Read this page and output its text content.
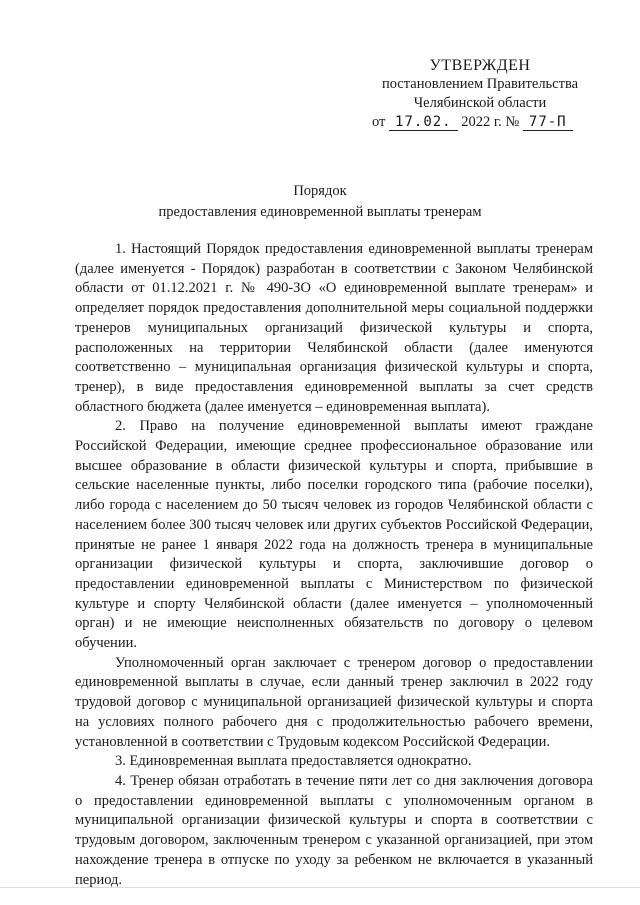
УТВЕРЖДЕН
постановлением Правительства
Челябинской области
от 17.02. 2022 г. № 77-П
Порядок
предоставления единовременной выплаты тренерам

1. Настоящий Порядок предоставления единовременной выплаты тренерам (далее именуется - Порядок) разработан в соответствии с Законом Челябинской области от 01.12.2021 г. № 490-ЗО «О единовременной выплате тренерам» и определяет порядок предоставления дополнительной меры социальной поддержки тренеров муниципальных организаций физической культуры и спорта, расположенных на территории Челябинской области (далее именуются соответственно – муниципальная организация физической культуры и спорта, тренер), в виде предоставления единовременной выплаты за счет средств областного бюджета (далее именуется – единовременная выплата).

2. Право на получение единовременной выплаты имеют граждане Российской Федерации, имеющие среднее профессиональное образование или высшее образование в области физической культуры и спорта, прибывшие в сельские населенные пункты, либо поселки городского типа (рабочие поселки), либо города с населением до 50 тысяч человек из городов Челябинской области с населением более 300 тысяч человек или других субъектов Российской Федерации, принятые не ранее 1 января 2022 года на должность тренера в муниципальные организации физической культуры и спорта, заключившие договор о предоставлении единовременной выплаты с Министерством по физической культуре и спорту Челябинской области (далее именуется – уполномоченный орган) и не имеющие неисполненных обязательств по договору о целевом обучении.

Уполномоченный орган заключает с тренером договор о предоставлении единовременной выплаты в случае, если данный тренер заключил в 2022 году трудовой договор с муниципальной организацией физической культуры и спорта на условиях полного рабочего дня с продолжительностью рабочего времени, установленной в соответствии с Трудовым кодексом Российской Федерации.

3. Единовременная выплата предоставляется однократно.

4. Тренер обязан отработать в течение пяти лет со дня заключения договора о предоставлении единовременной выплаты с уполномоченным органом в муниципальной организации физической культуры и спорта в соответствии с трудовым договором, заключенным тренером с указанной организацией, при этом нахождение тренера в отпуске по уходу за ребенком не включается в указанный период.
